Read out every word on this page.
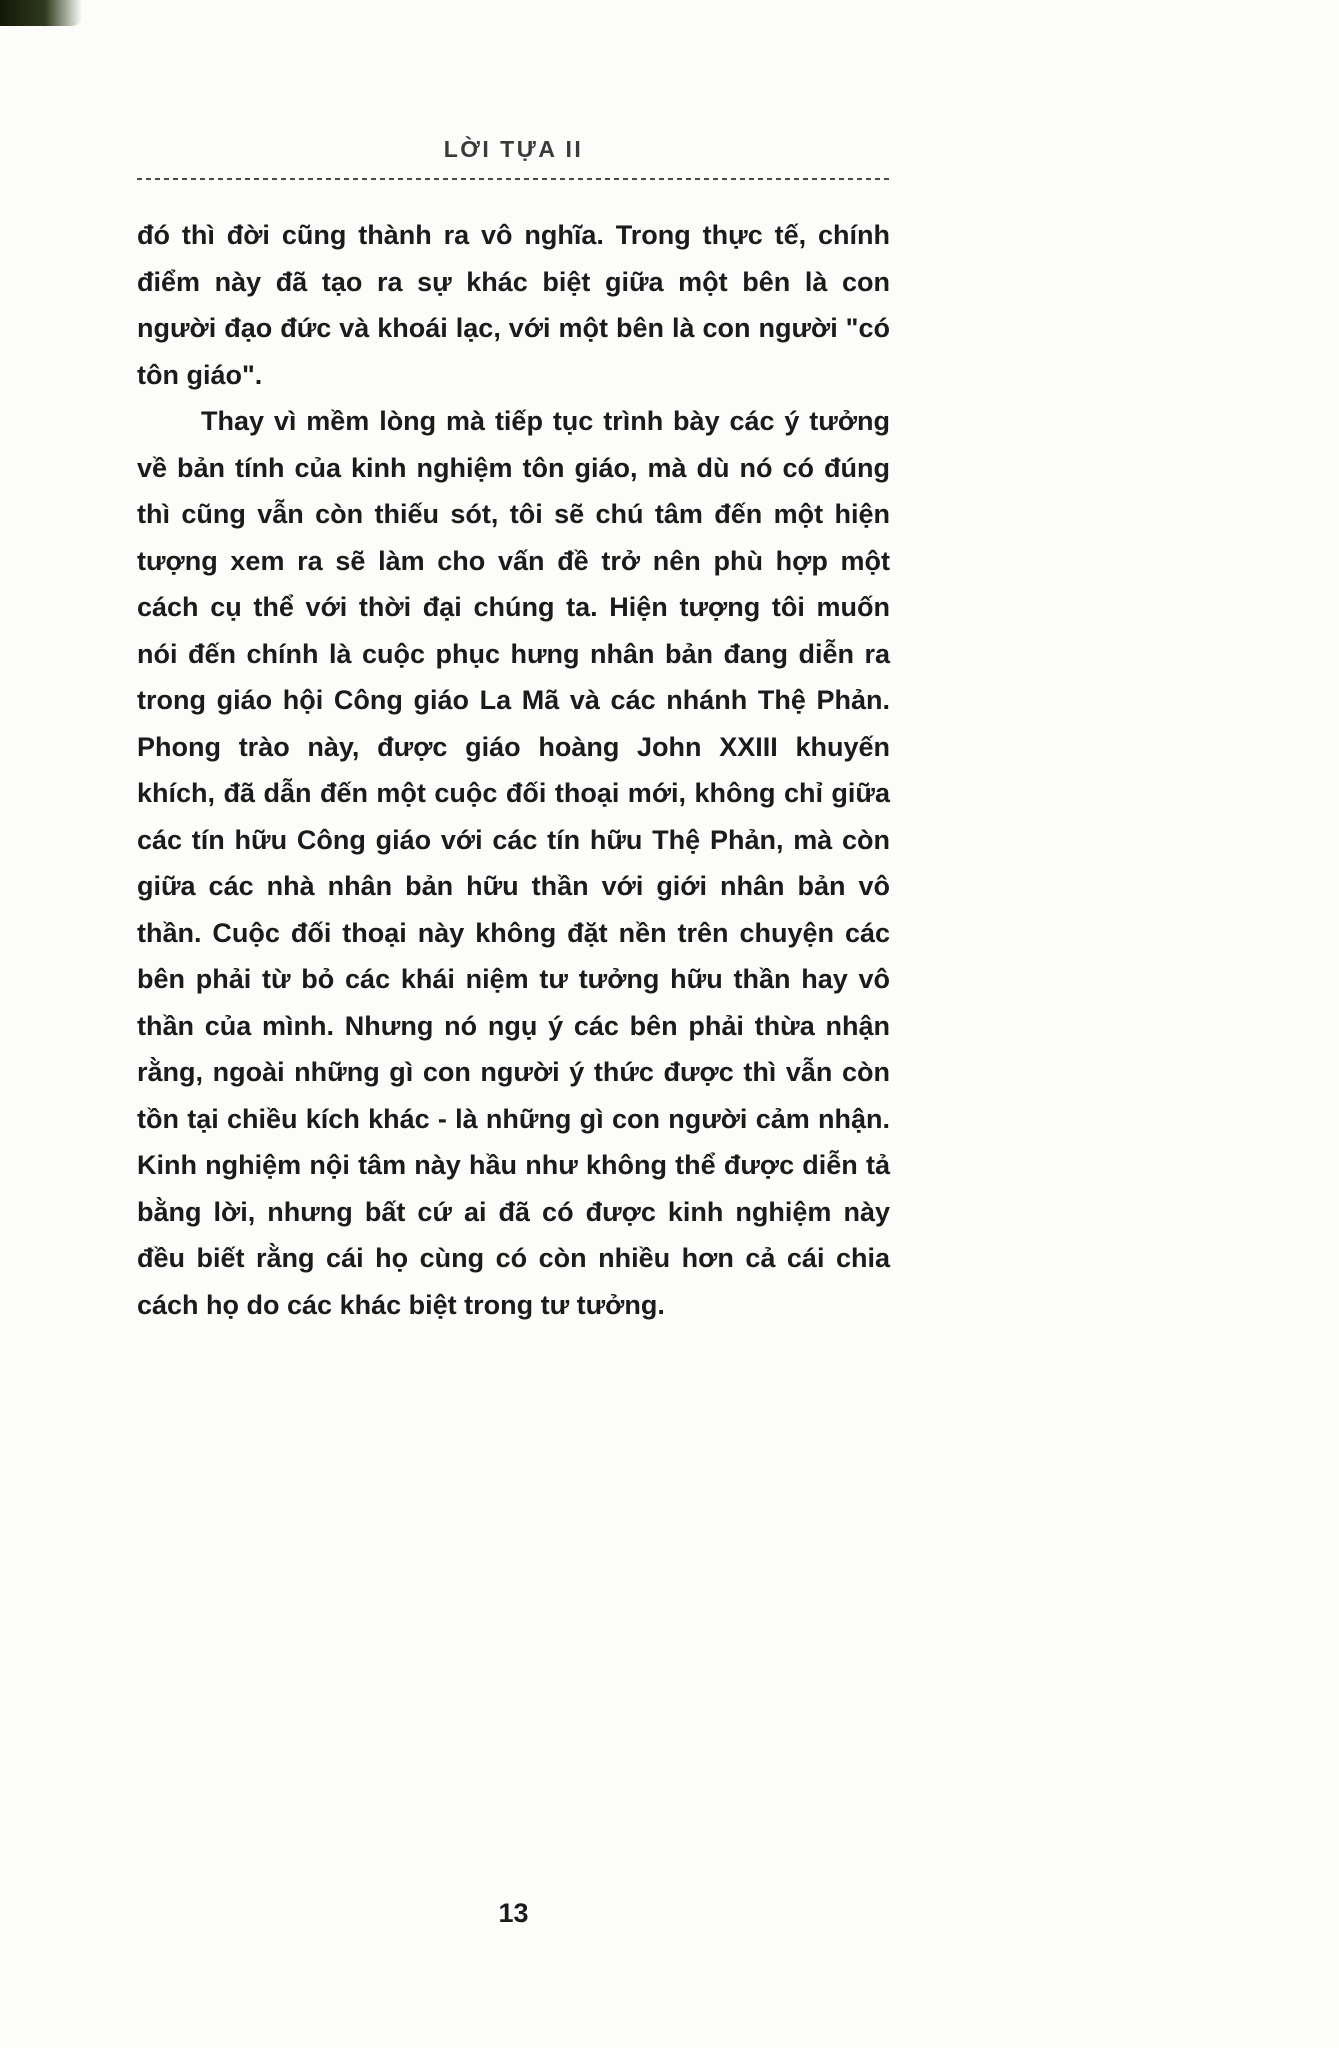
LỜI TỰA II

đó thì đời cũng thành ra vô nghĩa. Trong thực tế, chính điểm này đã tạo ra sự khác biệt giữa một bên là con người đạo đức và khoái lạc, với một bên là con người "có tôn giáo".

Thay vì mềm lòng mà tiếp tục trình bày các ý tưởng về bản tính của kinh nghiệm tôn giáo, mà dù nó có đúng thì cũng vẫn còn thiếu sót, tôi sẽ chú tâm đến một hiện tượng xem ra sẽ làm cho vấn đề trở nên phù hợp một cách cụ thể với thời đại chúng ta. Hiện tượng tôi muốn nói đến chính là cuộc phục hưng nhân bản đang diễn ra trong giáo hội Công giáo La Mã và các nhánh Thệ Phản. Phong trào này, được giáo hoàng John XXIII khuyến khích, đã dẫn đến một cuộc đối thoại mới, không chỉ giữa các tín hữu Công giáo với các tín hữu Thệ Phản, mà còn giữa các nhà nhân bản hữu thần với giới nhân bản vô thần. Cuộc đối thoại này không đặt nền trên chuyện các bên phải từ bỏ các khái niệm tư tưởng hữu thần hay vô thần của mình. Nhưng nó ngụ ý các bên phải thừa nhận rằng, ngoài những gì con người ý thức được thì vẫn còn tồn tại chiều kích khác - là những gì con người cảm nhận. Kinh nghiệm nội tâm này hầu như không thể được diễn tả bằng lời, nhưng bất cứ ai đã có được kinh nghiệm này đều biết rằng cái họ cùng có còn nhiều hơn cả cái chia cách họ do các khác biệt trong tư tưởng.

13
